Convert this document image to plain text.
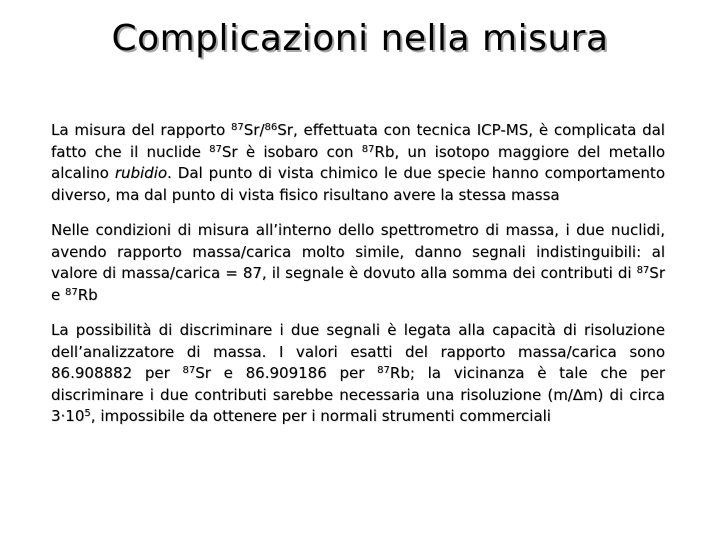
Complicazioni nella misura

La misura del rapporto $^{87}$Sr/$^{86}$Sr, effettuata con tecnica ICP-MS, è complicata dal fatto che il nuclide $^{87}$Sr è isobaro con $^{87}$Rb, un isotopo maggiore del metallo alcalino rubidio. Dal punto di vista chimico le due specie hanno comportamento diverso, ma dal punto di vista fisico risultano avere la stessa massa

Nelle condizioni di misura all’interno dello spettrometro di massa, i due nuclidi, avendo rapporto massa/carica molto simile, danno segnali indistinguibili: al valore di massa/carica = 87, il segnale è dovuto alla somma dei contributi di $^{87}$Sr e $^{87}$Rb

La possibilità di discriminare i due segnali è legata alla capacità di risoluzione dell’analizzatore di massa. I valori esatti del rapporto massa/carica sono 86.908882 per $^{87}$Sr e 86.909186 per $^{87}$Rb; la vicinanza è tale che per discriminare i due contributi sarebbe necessaria una risoluzione (m/∆m) di circa $3\cdot 10^5$, impossibile da ottenere per i normali strumenti commerciali
